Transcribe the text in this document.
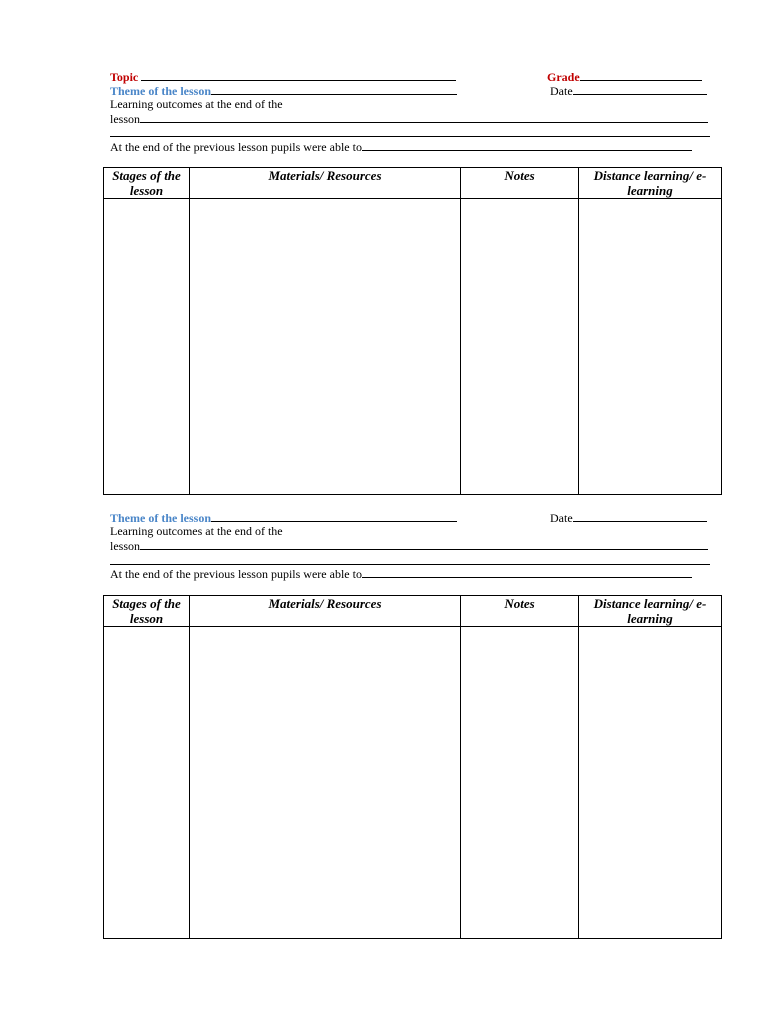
Topic	Grade
Theme of the lesson	Date
Learning outcomes at the end of the
lesson
At the end of the previous lesson pupils were able to
Stages of the lesson	Materials/ Resources	Notes	Distance learning/ e-learning

Theme of the lesson	Date
Learning outcomes at the end of the
lesson
At the end of the previous lesson pupils were able to
Stages of the lesson	Materials/ Resources	Notes	Distance learning/ e-learning
